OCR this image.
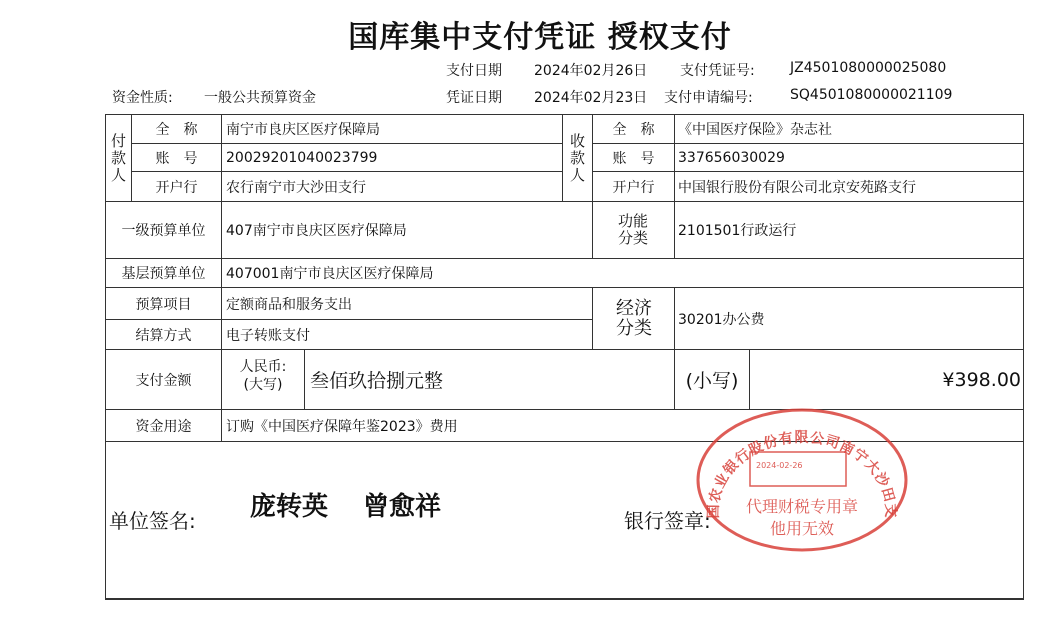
国库集中支付凭证 授权支付
支付日期 2024年02月26日 支付凭证号:	JZ4501080000025080
资金性质: 一般公共预算资金	凭证日期 2024年02月23日 支付申请编号:	SQ4501080000021109
付款人
全　称	南宁市良庆区医疗保障局
账　号	20029201040023799
开户行	农行南宁市大沙田支行
收款人
全　称	《中国医疗保险》杂志社
账　号	337656030029
开户行	中国银行股份有限公司北京安苑路支行
一级预算单位	407南宁市良庆区医疗保障局
功能分类 2101501行政运行
基层预算单位	407001南宁市良庆区医疗保障局
预算项目	定额商品和服务支出
结算方式	电子转账支付
经济分类 30201办公费
支付金额
人民币:
(大写)	叁佰玖拾捌元整	(小写)	¥398.00
资金用途	订购《中国医疗保障年鉴2023》费用
单位签名: 庞转英　 曾愈祥	银行签章:
国农业银行股份有限公司南宁大沙田支
2024-02-26
代理财税专用章
他用无效
